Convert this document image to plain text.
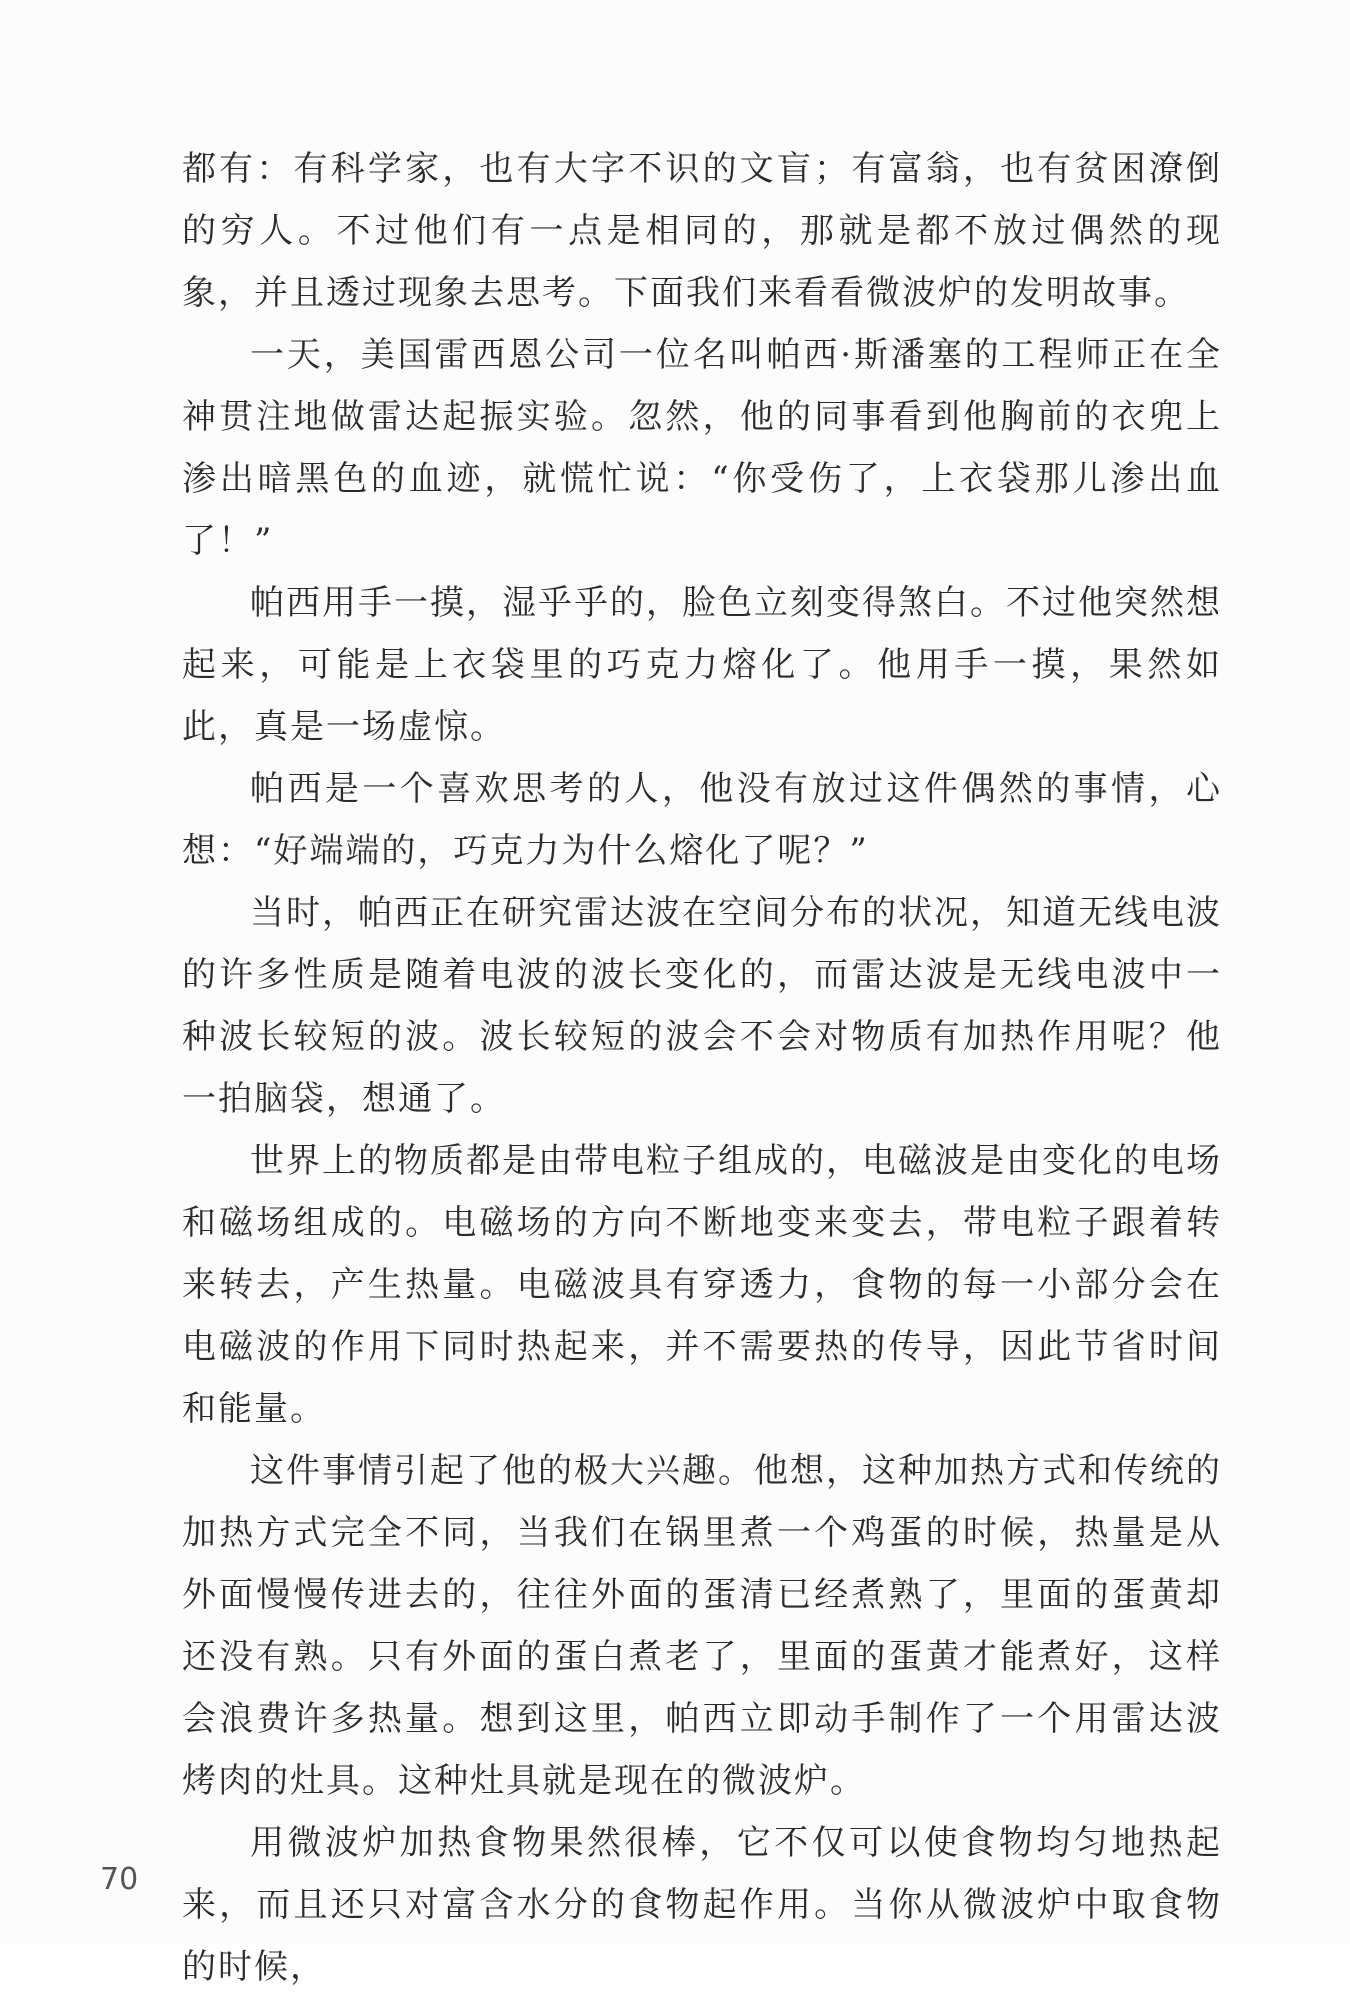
都有：有科学家，也有大字不识的文盲；有富翁，也有贫困潦倒的穷人。不过他们有一点是相同的，那就是都不放过偶然的现象，并且透过现象去思考。下面我们来看看微波炉的发明故事。

一天，美国雷西恩公司一位名叫帕西·斯潘塞的工程师正在全神贯注地做雷达起振实验。忽然，他的同事看到他胸前的衣兜上渗出暗黑色的血迹，就慌忙说：“你受伤了，上衣袋那儿渗出血了！”

帕西用手一摸，湿乎乎的，脸色立刻变得煞白。不过他突然想起来，可能是上衣袋里的巧克力熔化了。他用手一摸，果然如此，真是一场虚惊。

帕西是一个喜欢思考的人，他没有放过这件偶然的事情，心想：“好端端的，巧克力为什么熔化了呢？”

当时，帕西正在研究雷达波在空间分布的状况，知道无线电波的许多性质是随着电波的波长变化的，而雷达波是无线电波中一种波长较短的波。波长较短的波会不会对物质有加热作用呢？他一拍脑袋，想通了。

世界上的物质都是由带电粒子组成的，电磁波是由变化的电场和磁场组成的。电磁场的方向不断地变来变去，带电粒子跟着转来转去，产生热量。电磁波具有穿透力，食物的每一小部分会在电磁波的作用下同时热起来，并不需要热的传导，因此节省时间和能量。

这件事情引起了他的极大兴趣。他想，这种加热方式和传统的加热方式完全不同，当我们在锅里煮一个鸡蛋的时候，热量是从外面慢慢传进去的，往往外面的蛋清已经煮熟了，里面的蛋黄却还没有熟。只有外面的蛋白煮老了，里面的蛋黄才能煮好，这样会浪费许多热量。想到这里，帕西立即动手制作了一个用雷达波烤肉的灶具。这种灶具就是现在的微波炉。

用微波炉加热食物果然很棒，它不仅可以使食物均匀地热起来，而且还只对富含水分的食物起作用。当你从微波炉中取食物的时候，

70
